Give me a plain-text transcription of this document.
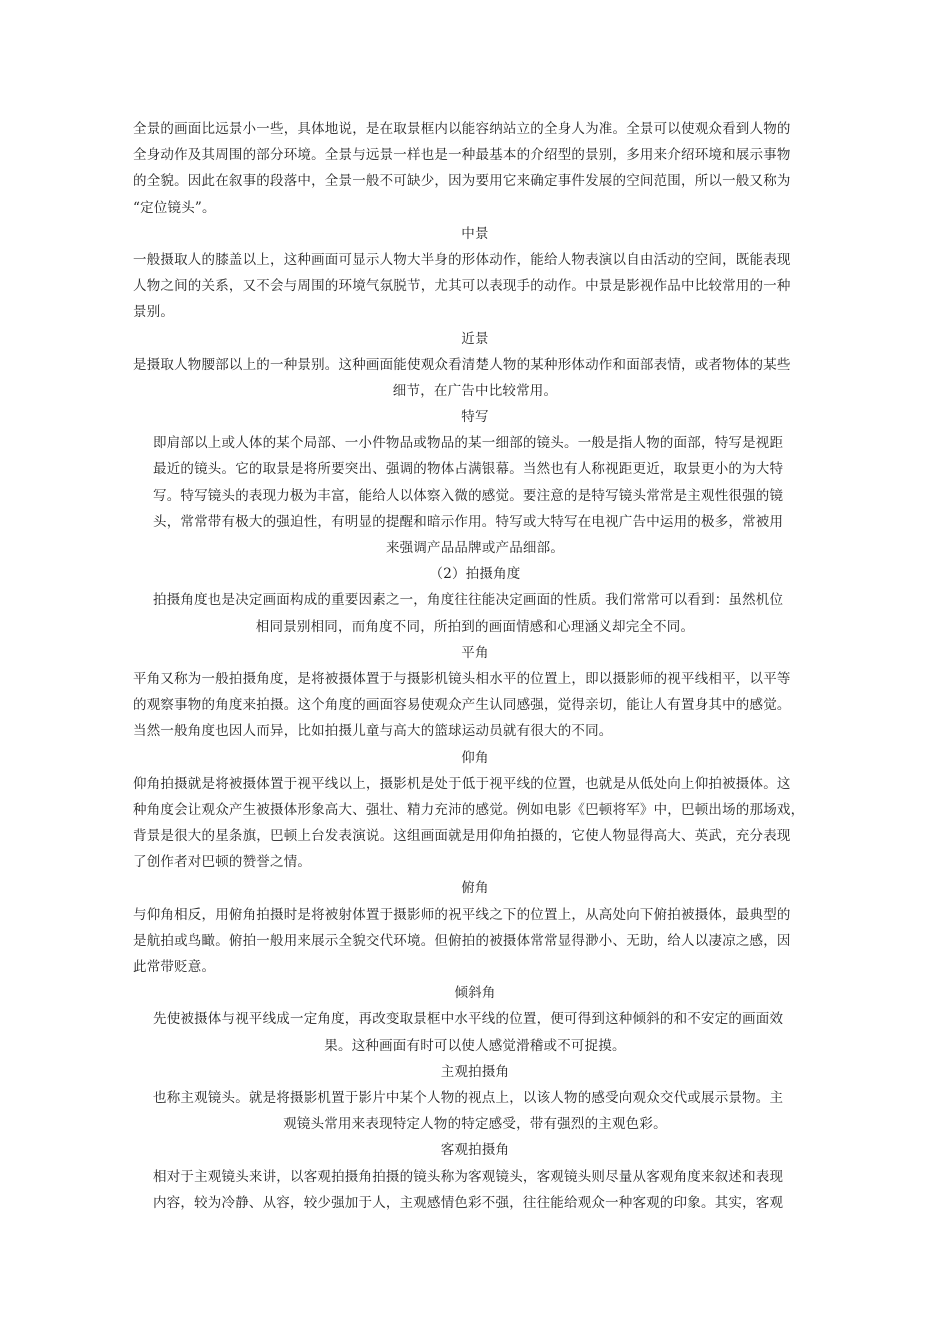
全景的画面比远景小一些，具体地说，是在取景框内以能容纳站立的全身人为准。全景可以使观众看到人物的
全身动作及其周围的部分环境。全景与远景一样也是一种最基本的介绍型的景别，多用来介绍环境和展示事物
的全貌。因此在叙事的段落中，全景一般不可缺少，因为要用它来确定事件发展的空间范围，所以一般又称为
“定位镜头”。
中景
一般摄取人的膝盖以上，这种画面可显示人物大半身的形体动作，能给人物表演以自由活动的空间，既能表现
人物之间的关系，又不会与周围的环境气氛脱节，尤其可以表现手的动作。中景是影视作品中比较常用的一种
景别。
近景
是摄取人物腰部以上的一种景别。这种画面能使观众看清楚人物的某种形体动作和面部表情，或者物体的某些
细节，在广告中比较常用。
特写
即肩部以上或人体的某个局部、一小件物品或物品的某一细部的镜头。一般是指人物的面部，特写是视距
最近的镜头。它的取景是将所要突出、强调的物体占满银幕。当然也有人称视距更近，取景更小的为大特
写。特写镜头的表现力极为丰富，能给人以体察入微的感觉。要注意的是特写镜头常常是主观性很强的镜
头，常常带有极大的强迫性，有明显的提醒和暗示作用。特写或大特写在电视广告中运用的极多，常被用
来强调产品品牌或产品细部。
（2）拍摄角度
拍摄角度也是决定画面构成的重要因素之一，角度往往能决定画面的性质。我们常常可以看到：虽然机位
相同景别相同，而角度不同，所拍到的画面情感和心理涵义却完全不同。
平角
平角又称为一般拍摄角度，是将被摄体置于与摄影机镜头相水平的位置上，即以摄影师的视平线相平，以平等
的观察事物的角度来拍摄。这个角度的画面容易使观众产生认同感强，觉得亲切，能让人有置身其中的感觉。
当然一般角度也因人而异，比如拍摄儿童与高大的篮球运动员就有很大的不同。
仰角
仰角拍摄就是将被摄体置于视平线以上，摄影机是处于低于视平线的位置，也就是从低处向上仰拍被摄体。这
种角度会让观众产生被摄体形象高大、强壮、精力充沛的感觉。例如电影《巴顿将军》中，巴顿出场的那场戏，
背景是很大的星条旗，巴顿上台发表演说。这组画面就是用仰角拍摄的，它使人物显得高大、英武，充分表现
了创作者对巴顿的赞誉之情。
俯角
与仰角相反，用俯角拍摄时是将被射体置于摄影师的祝平线之下的位置上，从高处向下俯拍被摄体，最典型的
是航拍或鸟瞰。俯拍一般用来展示全貌交代环境。但俯拍的被摄体常常显得渺小、无助，给人以凄凉之感，因
此常带贬意。
倾斜角
先使被摄体与视平线成一定角度，再改变取景框中水平线的位置，便可得到这种倾斜的和不安定的画面效
果。这种画面有时可以使人感觉滑稽或不可捉摸。
主观拍摄角
也称主观镜头。就是将摄影机置于影片中某个人物的视点上，以该人物的感受向观众交代或展示景物。主
观镜头常用来表现特定人物的特定感受，带有强烈的主观色彩。
客观拍摄角
相对于主观镜头来讲，以客观拍摄角拍摄的镜头称为客观镜头，客观镜头则尽量从客观角度来叙述和表现
内容，较为冷静、从容，较少强加于人，主观感情色彩不强，往往能给观众一种客观的印象。其实，客观
